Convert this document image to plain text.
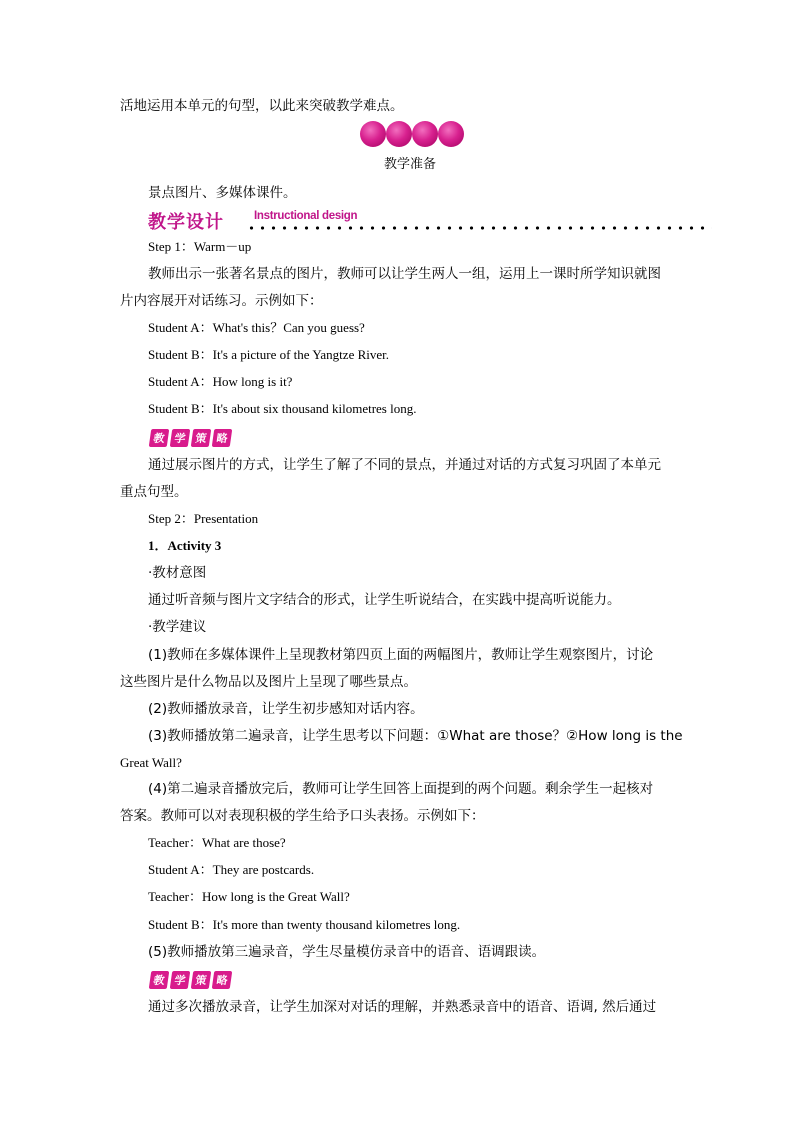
活地运用本单元的句型，以此来突破教学难点。
教学准备
景点图片、多媒体课件。
教学设计	Instructional design
Step 1：Warm－up
教师出示一张著名景点的图片，教师可以让学生两人一组，运用上一课时所学知识就图
片内容展开对话练习。示例如下：
Student A：What's this？Can you guess?
Student B：It's a picture of the Yangtze River.
Student A：How long is it?
Student B：It's about six thousand kilometres long.
教 学 策 略
通过展示图片的方式，让学生了解了不同的景点，并通过对话的方式复习巩固了本单元
重点句型。
Step 2：Presentation
1．Activity 3
·教材意图
通过听音频与图片文字结合的形式，让学生听说结合，在实践中提高听说能力。
·教学建议
(1)教师在多媒体课件上呈现教材第四页上面的两幅图片，教师让学生观察图片，讨论
这些图片是什么物品以及图片上呈现了哪些景点。
(2)教师播放录音，让学生初步感知对话内容。
(3)教师播放第二遍录音，让学生思考以下问题：①What are those？②How long is the
Great Wall?
(4)第二遍录音播放完后，教师可让学生回答上面提到的两个问题。剩余学生一起核对
答案。教师可以对表现积极的学生给予口头表扬。示例如下：
Teacher：What are those?
Student A：They are postcards.
Teacher：How long is the Great Wall?
Student B：It's more than twenty thousand kilometres long.
(5)教师播放第三遍录音，学生尽量模仿录音中的语音、语调跟读。
教 学 策 略
通过多次播放录音，让学生加深对对话的理解，并熟悉录音中的语音、语调, 然后通过
